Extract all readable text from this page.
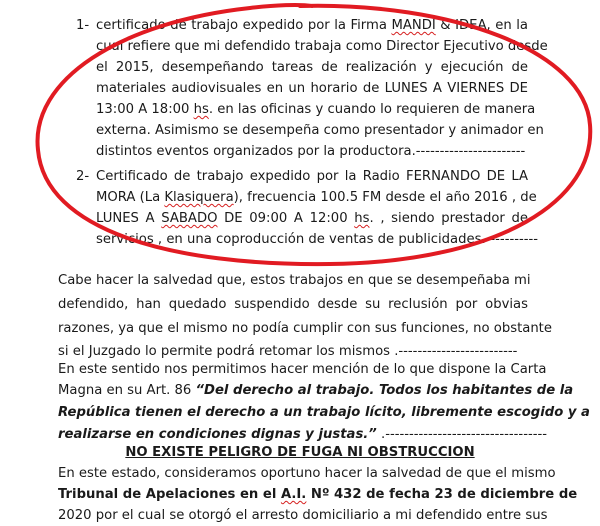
1- certificado de trabajo expedido por la Firma MANDI & IDEA, en la
cual refiere que mi defendido trabaja como Director Ejecutivo desde
el 2015, desempeñando tareas de realización y ejecución de
materiales audiovisuales en un horario de LUNES A VIERNES DE
13:00 A 18:00 hs. en las oficinas y cuando lo requieren de manera
externa. Asimismo se desempeña como presentador y animador en
distintos eventos organizados por la productora.-----------------------
2- Certificado de trabajo expedido por la Radio FERNANDO DE LA
MORA (La Klasiquera), frecuencia 100.5 FM desde el año 2016 , de
LUNES A SABADO DE 09:00 A 12:00 hs. , siendo prestador de
servicios , en una coproducción de ventas de publicidades.-----------
Cabe hacer la salvedad que, estos trabajos en que se desempeñaba mi
defendido, han quedado suspendido desde su reclusión por obvias
razones, ya que el mismo no podía cumplir con sus funciones, no obstante
si el Juzgado lo permite podrá retomar los mismos .-------------------------
En este sentido nos permitimos hacer mención de lo que dispone la Carta
Magna en su Art. 86 “Del derecho al trabajo. Todos los habitantes de la
República tienen el derecho a un trabajo lícito, libremente escogido y a
realizarse en condiciones dignas y justas.” .----------------------------------
NO EXISTE PELIGRO DE FUGA NI OBSTRUCCION
En este estado, consideramos oportuno hacer la salvedad de que el mismo
Tribunal de Apelaciones en el A.I. Nº 432 de fecha 23 de diciembre de
2020 por el cual se otorgó el arresto domiciliario a mi defendido entre sus
